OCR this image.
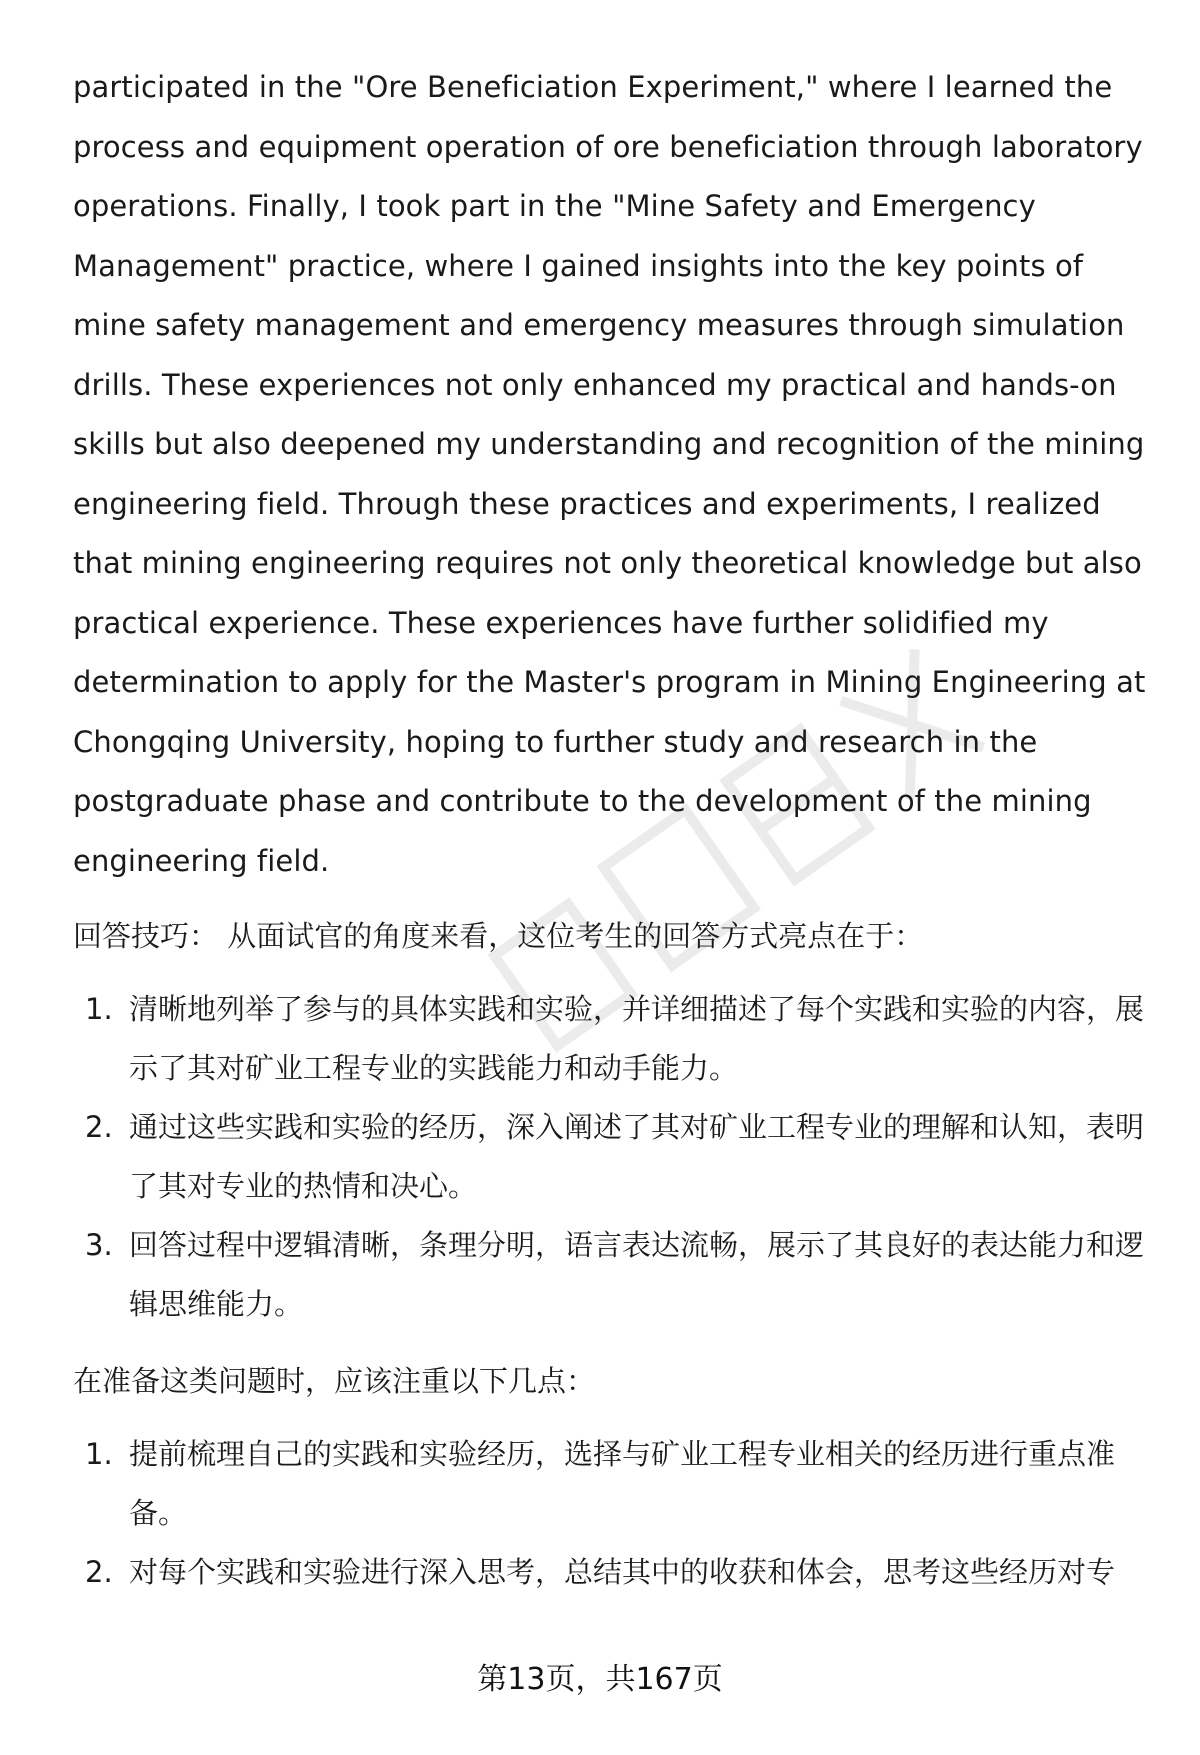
participated in the "Ore Beneficiation Experiment," where I learned the process and equipment operation of ore beneficiation through laboratory operations. Finally, I took part in the "Mine Safety and Emergency Management" practice, where I gained insights into the key points of mine safety management and emergency measures through simulation drills. These experiences not only enhanced my practical and hands-on skills but also deepened my understanding and recognition of the mining engineering field. Through these practices and experiments, I realized that mining engineering requires not only theoretical knowledge but also practical experience. These experiences have further solidified my determination to apply for the Master's program in Mining Engineering at Chongqing University, hoping to further study and research in the postgraduate phase and contribute to the development of the mining engineering field.

回答技巧： 从面试官的角度来看，这位考生的回答方式亮点在于：

1. 清晰地列举了参与的具体实践和实验，并详细描述了每个实践和实验的内容，展示了其对矿业工程专业的实践能力和动手能力。
2. 通过这些实践和实验的经历，深入阐述了其对矿业工程专业的理解和认知，表明了其对专业的热情和决心。
3. 回答过程中逻辑清晰，条理分明，语言表达流畅，展示了其良好的表达能力和逻辑思维能力。

在准备这类问题时，应该注重以下几点：

1. 提前梳理自己的实践和实验经历，选择与矿业工程专业相关的经历进行重点准备。
2. 对每个实践和实验进行深入思考，总结其中的收获和体会，思考这些经历对专
第13页，共167页
